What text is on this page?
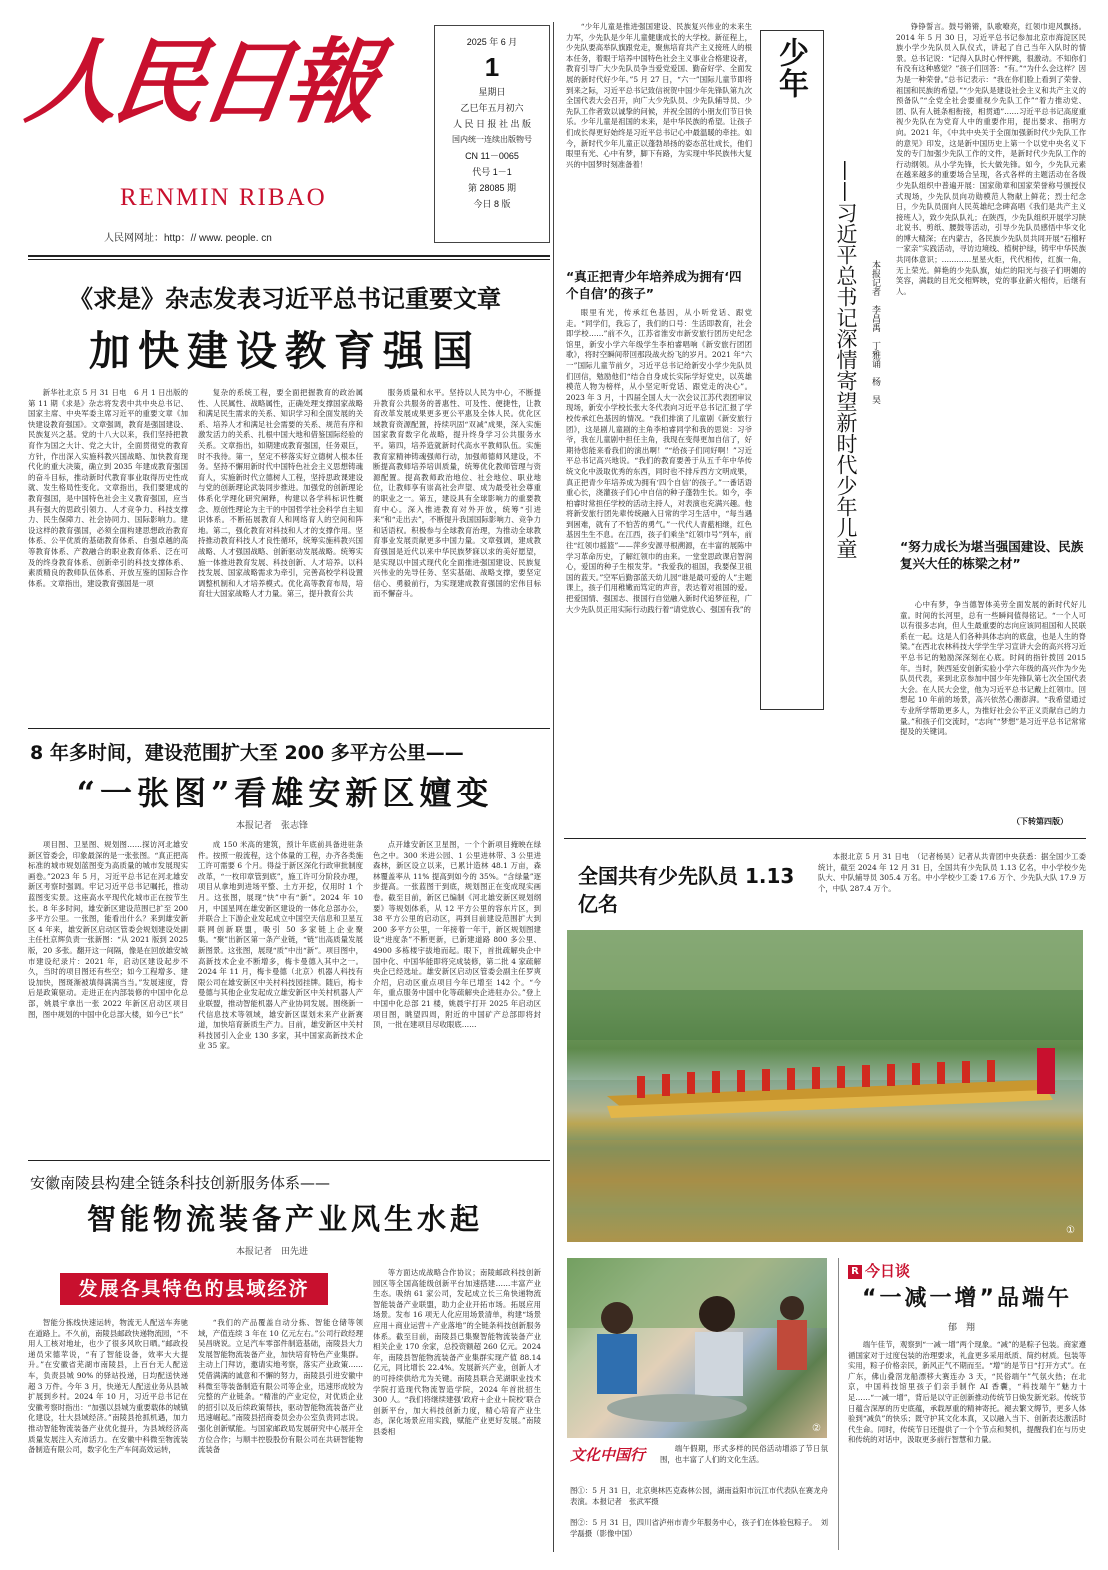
人民日報
RENMIN RIBAO
人民网网址：http：// www. people. cn
2025 年 6 月
1
星期日
乙巳年五月初六
人 民 日 报 社 出 版
国内统一连续出版物号
CN 11－0065
代号 1－1
第 28085 期
今日 8 版
《求是》杂志发表习近平总书记重要文章
加快建设教育强国

新华社北京 5 月 31 日电　6 月 1 日出版的第 11 期《求是》杂志将发表中共中央总书记、国家主席、中央军委主席习近平的重要文章《加快建设教育强国》。文章强调，教育是强国建设、民族复兴之基。党的十八大以来，我们坚持把教育作为国之大计、党之大计，全面贯彻党的教育方针，作出深入实施科教兴国战略、加快教育现代化的重大决策，确立到 2035 年建成教育强国的奋斗目标，推动新时代教育事业取得历史性成就、发生格局性变化。文章指出，我们要建成的教育强国，是中国特色社会主义教育强国，应当具有强大的思政引领力、人才竞争力、科技支撑力、民生保障力、社会协同力、国际影响力。建设这样的教育强国，必须全面构建思想政治教育体系、公平优质的基础教育体系、自强卓越的高等教育体系、产教融合的职业教育体系、泛在可及的终身教育体系、创新牵引的科技支撑体系、素质精良的教师队伍体系、开放互鉴的国际合作体系。文章指出，建设教育强国是一项

复杂的系统工程，要全面把握教育的政治属性、人民属性、战略属性，正确处理支撑国家战略和满足民生需求的关系、知识学习和全面发展的关系、培养人才和满足社会需要的关系、规范有序和激发活力的关系、扎根中国大地和借鉴国际经验的关系。文章指出，如期建成教育强国，任务艰巨，时不我待。第一，坚定不移落实好立德树人根本任务。坚持不懈用新时代中国特色社会主义思想铸魂育人，实施新时代立德树人工程，坚持思政课建设与党的创新理论武装同步推进。加强党的创新理论体系化学理化研究阐释，构建以各学科标识性概念、原创性理论为主干的中国哲学社会科学自主知识体系。不断拓展教育人和网络育人的空间和阵地。第二，强化教育对科技和人才的支撑作用。坚持推动教育科技人才良性循环，统筹实施科教兴国战略、人才强国战略、创新驱动发展战略。统筹实施一体推进教育发展、科技创新、人才培养。以科技发展、国家战略需求为牵引，完善高校学科设置调整机制和人才培养模式。优化高等教育布局，培育壮大国家战略人才力量。第三，提升教育公共

服务质量和水平。坚持以人民为中心，不断提升教育公共服务的普惠性、可及性、便捷性，让教育改革发展成果更多更公平惠及全体人民。优化区域教育资源配置，持续巩固“双减”成果，深入实施国家教育数字化战略，提升终身学习公共服务水平。第四，培养造就新时代高水平教师队伍。实施教育家精神铸魂强师行动，加强师德师风建设，不断提高教师培养培训质量，统筹优化教师管理与资源配置。提高教师政治地位、社会地位、职业地位，让教师享有崇高社会声望、成为最受社会尊重的职业之一。第五，建设具有全球影响力的重要教育中心。深入推进教育对外开放，统筹“引进来”和“走出去”，不断提升我国国际影响力、竞争力和话语权。积极参与全球教育治理，为推动全球教育事业发展贡献更多中国力量。文章强调，建成教育强国是近代以来中华民族梦寐以求的美好愿望，是实现以中国式现代化全面推进强国建设、民族复兴伟业的先导任务、坚实基础、战略支撑，要坚定信心、勇毅前行，为实现建成教育强国的宏伟目标而不懈奋斗。

8 年多时间，建设范围扩大至 200 多平方公里——
“一张图”看雄安新区嬗变
本报记者　张志锋

项目图、卫星图、规划图……探访河北雄安新区管委会，印象最深的是一张张图。“真正把高标准的城市规划蓝图变为高质量的城市发展现实画卷。”2023 年 5 月，习近平总书记在河北雄安新区考察时强调。牢记习近平总书记嘱托，推动蓝图变实景。这座高水平现代化城市正在按节生长。8 年多时间，雄安新区建设范围已扩至 200 多平方公里。一张图，能看出什么？来到雄安新区 4 年来，雄安新区启动区管委会规划建设处副主任杜京辉负责一张新图：“从 2021 版到 2025 版，20 多张。翻开这一间隔，像是在回放雄安城市建设纪录片：2021 年，启动区建设起步不久，当时的项目图还有些空；如今工程增多、建设加快，图斑渐被填得满满当当。”发展速度，背后是政策驱动。走进正在内部装修的中国中化总部，姚晨宇拿出一张 2022 年新区启动区项目图，图中规划的中国中化总部大楼，如今已“长”

成 150 米高的建筑，预计年底前具备进驻条件。按照一般流程，这个体量的工程，办齐各类施工许可需要 6 个月。得益于新区深化行政审批制度改革，“一枚印章管到底”，施工许可分阶段办理，项目从拿地到进场平整、土方开挖，仅用时 1 个月。这张图，展现“快”中有“新”。2024 年 10 月，中国星网在雄安新区建设的一体化总部办公，并联合上下游企业发起成立中国空天信息和卫星互联网创新联盟，吸引 50 多家链上企业聚集。“聚”出新区第一条产业链，“链”出高质量发展新图景。这张图，展现“质”中出“新”。项目图中，高新技术企业不断增多，梅卡曼德入其中之一。2024 年 11 月，梅卡曼德（北京）机器人科技有限公司在雄安新区中关村科技园挂牌。随后，梅卡曼德与其他企业发起成立雄安新区中关村机器人产业联盟，推动智能机器人产业协同发展。围绕新一代信息技术等领域，雄安新区谋划未来产业新赛道，加快培育新质生产力。目前，雄安新区中关村科技园引入企业 130 多家，其中国家高新技术企业 35 家。

点开雄安新区卫星图，一个个新项目掩映在绿色之中。300 米进公园、1 公里进林带、3 公里进森林，新区设立以来，已累计造林 48.1 万亩，森林覆盖率从 11% 提高到如今的 35%。“含绿量”逐步提高。一张蓝图干到底，规划图正在变成现实画卷。截至目前，新区已编制《河北雄安新区规划纲要》等规划体系，从 12 平方公里的容东片区，到 38 平方公里的启动区，再到目前建设范围扩大到 200 多平方公里，一年接着一年干，新区规划图建设“进度条”不断更新，已新建道路 800 多公里、4900 多栋楼宇拔地而起。眼下，首批疏解央企中国中化、中国华能即将完成装修，第二批 4 家疏解央企已经选址。雄安新区启动区管委会副主任罗爽介绍，启动区重点项目今年已增至 142 个。“今年，重点服务中国中化等疏解央企进驻办公。”登上中国中化总部 21 楼，姚晨宇打开 2025 年启动区项目图，眺望四周，附近的中国矿产总部即将封顶，一批在建项目尽收眼底……

安徽南陵县构建全链条科技创新服务体系——
智能物流装备产业风生水起
本报记者　田先进
发展各具特色的县域经济

智能分拣线快速运转，物流无人配送车奔驰在道路上。不久前，南陵县邮政快递物流园，“不用人工核对地址，也少了很多风吹日晒。”邮政投递员宋德苹说，“有了智能设备，效率大大提升。”在安徽省芜湖市南陵县，上百台无人配送车，负责县城 90% 的驿站投递，日均配送快递超 3 万件。今年 3 月，快递无人配送业务从县城扩展到乡村。2024 年 10 月，习近平总书记在安徽考察时指出：“加强以县城为重要载体的城镇化建设，壮大县域经济。”南陵县抢抓机遇，加力推动智能物流装备产业优化提升，为县域经济高质量发展注入充沛活力。在安徽中科微至物流装备制造有限公司，数字化生产车间高效运转，

“我们的产品覆盖自动分拣、智能仓储等领域，产值连续 3 年在 10 亿元左右。”公司行政经理吴昌晓说。立足汽车零部件制造基础，南陵县大力发展智能物流装备产业，加快培育特色产业集群。主动上门拜访，邀请实地考察，落实产业政策……凭借满满的诚意和不懈的努力，南陵县引进安徽中科微至等装备制造有限公司等企业，迅速形成较为完整的产业链条。“精准的产业定位，对优质企业的招引以及后续政策帮扶，驱动智能物流装备产业迅速崛起。”南陵县招商委员会办公室负责同志说。强化创新赋能。与国家邮政局发展研究中心展开全方位合作；与顺丰控股股份有限公司在共研智能物流装备

等方面达成战略合作协议；南陵邮政科技创新园区等全国高能级创新平台加速搭建……丰富产业生态。吸纳 61 家公司，发起成立长三角快递物流智能装备产业联盟，助力企业开拓市场。拓展应用场景。发布 16 项无人化应用场景清单，构建“场景应用＋商业运营＋产业落地”的全链条科技创新服务体系。截至目前，南陵县已集聚智能物流装备产业相关企业 170 余家，总投资额超 260 亿元。2024 年，南陵县智能物流装备产业集群实现产值 88.14 亿元，同比增长 22.4%。发展新兴产业，创新人才的可持续供给尤为关键。南陵县联合芜湖职业技术学院打造现代物流智造学院，2024 年首批招生 300 人。“我们将继续建强‘政府＋企业＋院校’联合创新平台，加大科技创新力度，精心培育产业生态，深化场景应用实践，赋能产业更好发展。”南陵县委相

“少年儿童是推进强国建设、民族复兴伟业的未来生力军，少先队是少年儿童健康成长的大学校。新征程上，少先队要高举队旗跟党走，聚焦培育共产主义接班人的根本任务，着眼于培养中国特色社会主义事业合格建设者，教育引导广大少先队员争当爱党爱国、勤奋好学、全面发展的新时代好少年。”5 月 27 日，“六一”国际儿童节即将到来之际，习近平总书记致信祝贺中国少年先锋队第九次全国代表大会召开，向广大少先队员、少先队辅导员、少先队工作者致以诚挚的问候，并祝全国的小朋友们节日快乐。少年儿童是祖国的未来，是中华民族的希望。让孩子们成长得更好始终是习近平总书记心中最温暖的牵挂。如今，新时代少年儿童正以蓬勃昂扬的姿态茁壮成长，他们眼里有光、心中有梦，脚下有路，为实现中华民族伟大复兴的中国梦时刻准备着！

“真正把青少年培养成为拥有‘四个自信’的孩子”

眼里有光，传承红色基因，从小听党话、跟党走。“同学们，我忘了，我们的口号：生活即教育，社会即学校……”前不久，江苏省淮安市新安旅行团历史纪念馆里，新安小学六年级学生李柏睿唱响《新安旅行团团歌》，将时空瞬间带回那段战火纷飞的岁月。2021 年“六一”国际儿童节前夕，习近平总书记给新安小学少先队员们回信，勉励他们“结合自身成长实际学好党史，以英雄模范人物为榜样，从小坚定听党话、跟党走的决心”。2023 年 3 月，十四届全国人大一次会议江苏代表团审议现场，新安小学校长张大冬代表向习近平总书记汇报了学校传承红色基因的情况。“我们排演了儿童剧《新安旅行团》，这是剧儿童剧的主角李柏睿同学和我的思说：习爷爷，我在儿童剧中担任主角，我现在变得更加自信了，好期待您能来看我们的演出啊！”“给孩子们同好啊！”习近平总书记高兴地说。“我们的教育要善于从五千年中华传统文化中汲取优秀的东西，同时也不排斥西方文明成果，真正把青少年培养成为拥有‘四个自信’的孩子。”一番话语重心长，浇灌孩子们心中自信的种子蓬勃生长。如今，李柏睿时常担任学校的活动主持人，对表演也充满兴趣。他将新安旅行团先辈传统融入日常的学习生活中，“每当遇到困难，就有了不怕苦的勇气。”一代代人青藍相继，红色基因生生不息。在江西，孩子们乘坐“红领巾号”列车，前往“红领巾摇篮”——萍乡安源寻根溯源，在丰富的展陈中学习革命历史，了解红领巾的由来。一堂堂思政课启智润心，爱国的种子生根发芽。“我爱我的祖国，我要保卫祖国的蓝天。”空军后勤部蓝天幼儿园“谁是最可爱的人”主题课上，孩子们用稚嫩而笃定的声音，表达着对祖国的爱。把爱国情、强国志、报国行自觉融入新时代追梦征程，广大少先队员正用实际行动践行着“请党放心、强国有我”的

少年
——习近平总书记深情寄望新时代少年儿童	本报记者　李昌禹　丁雅诵　杨　昊

铮铮誓言。鼓号锵锵，队歌嘹亮，红领巾迎风飘扬。2014 年 5 月 30 日，习近平总书记参加北京市海淀区民族小学少先队员入队仪式，讲起了自己当年入队时的情景。总书记说：“记得入队时心怦怦跳，很激动。不知你们有没有这种感觉？”孩子们回答：“有。”“为什么会这样？因为是一种荣誉。”总书记表示：“我在你们脸上看到了荣誉、祖国和民族的希望。”“少先队是建设社会主义和共产主义的预备队”“全党全社会要重视少先队工作”“着力推动党、团、队有人链条相衔接，相贯通”……习近平总书记高度重视少先队在为党育人中的重要作用，提出要求、指明方向。2021 年，《中共中央关于全面加强新时代少先队工作的意见》印发，这是新中国历史上第一个以党中央名义下发的专门加强少先队工作的文件，是新时代少先队工作的行动纲领。从小学先锋，长大做先锋。如今，少先队元素在越来越多的重要场合呈现，各式各样的主题活动在各级少先队组织中普遍开展：国家勋章和国家荣誉称号颁授仪式现场，少先队员向功勋模范人物献上鲜花；烈士纪念日，少先队员面向人民英雄纪念碑高唱《我们是共产主义接班人》，致少先队队礼；在陕西，少先队组织开展学习陕北说书、剪纸、腰鼓等活动，引导少先队员感悟中华文化的博大精深；在内蒙古，各民族少先队员共同开展“石榴籽一家亲”实践活动，寻访边境线、植树护绿，铸牢中华民族共同体意识；…………星星火炬，代代相传，红旗一角，无上荣光。鲜艳的少先队旗，灿烂的阳光与孩子们明媚的笑容，满载的目光交相辉映，党的事业薪火相传，后继有人。

“努力成长为堪当强国建设、民族复兴大任的栋梁之材”

心中有梦，争当德智体美劳全面发展的新时代好儿童。时间的长河里，总有一些瞬间值得铭记。“一个人可以有很多志向，但人生最重要的志向应该同祖国和人民联系在一起。这是人们各种具体志向的底盘，也是人生的脊梁。”在西北农林科技大学学生学习宣讲大会的高兴将习近平总书记的勉励深深刻在心底。时间的指针拨回 2015 年。当时，陕西延安创新实验小学六年级的高兴作为少先队员代表，来到北京参加中国少年先锋队第七次全国代表大会。在人民大会堂，他为习近平总书记戴上红领巾。回想起 10 年前的场景，高兴依然心潮澎湃。“我希望通过专业所学帮助更多人，为推好社会公平正义贡献自己的力量。”和孩子们交流时，“志向”“梦想”是习近平总书记常常提及的关键词。

（下转第四版）
全国共有少先队员 1.13亿名

本报北京 5 月 31 日电　（记者杨昊）记者从共青团中央获悉：据全国少工委统计，截至 2024 年 12 月 31 日，全国共有少先队员 1.13 亿名，中小学校少先队大、中队辅导员 305.4 万名。中小学校少工委 17.6 万个、少先队大队 17.9 万个，中队 287.4 万个。

①
②
文化中国行	端午假期，形式多样的民俗活动增添了节日氛围，也丰富了人们的文化生活。

图①：5 月 31 日，北京奥林匹克森林公园，湖南益阳市沅江市代表队在赛龙舟表演。本报记者　张武军摄
图②：5 月 31 日，四川省泸州市青少年服务中心，孩子们在体验包粽子。　刘学磊摄（影像中国）
R 今日谈
“一减一增”品端午
郁　翔

端午佳节，观察到“一减一增”两个现象。“减”的是粽子包装。商家遵循国家对于过度包装的治理要求，礼盒更多采用纸质、简约材质。包装等实用，粽子价格亲民，新风正气不期而至。“增”的是节日“打开方式”。在广东，佛山叠滘龙船漂移大赛连办 3 天，“民俗端午”气氛火热；在北京，中国科技馆里孩子们亲手制作 AI 香囊，“科技端午”魅力十足……“一减一增”，背后是以守正创新推动传统节日焕发新光彩。传统节日蕴含深厚的历史底蕴，承载厚重的精神寄托。褪去繁文缛节，更多人体验到“减负”的快乐；既守护其文化本真，又以融入当下、创新表达激活时代生命。同时，传统节日还提供了一个个节点和契机，提醒我们在与历史和传统的对话中，汲取更多前行智慧和力量。
